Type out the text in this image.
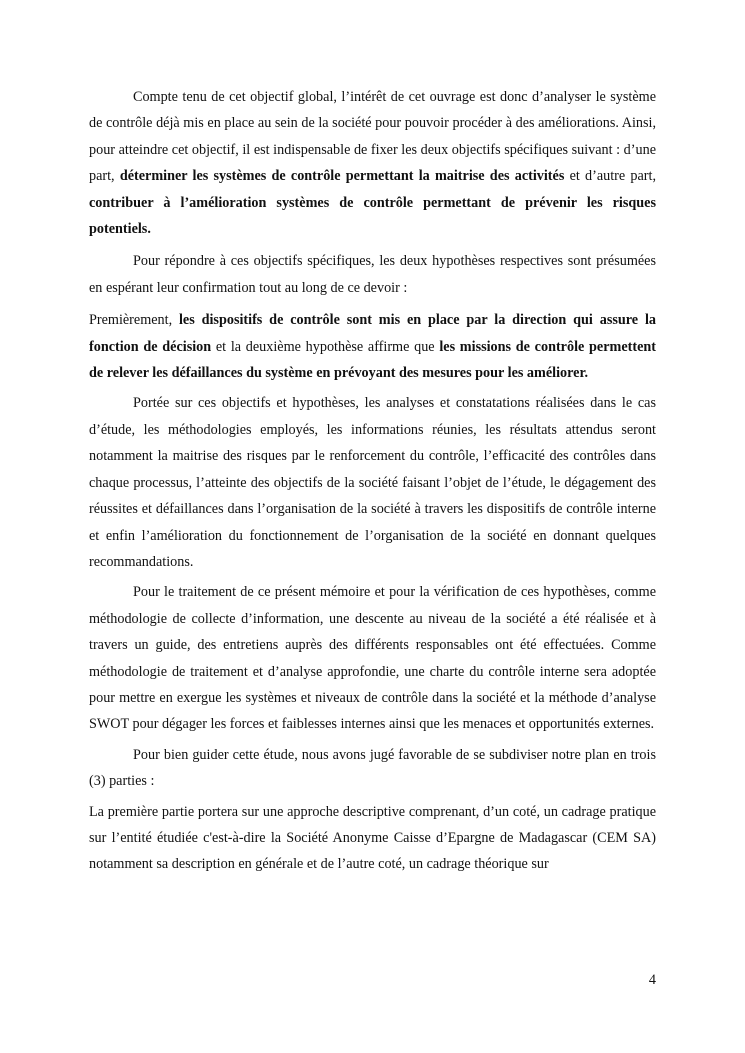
Compte tenu de cet objectif global, l’intérêt de cet ouvrage est donc d’analyser le système de contrôle déjà mis en place au sein de la société pour pouvoir procéder à des améliorations. Ainsi, pour atteindre cet objectif, il est indispensable de fixer les deux objectifs spécifiques suivant : d’une part, déterminer les systèmes de contrôle permettant la maitrise des activités et d’autre part, contribuer à l’amélioration systèmes de contrôle permettant de prévenir les risques potentiels.

Pour répondre à ces objectifs spécifiques, les deux hypothèses respectives sont présumées en espérant leur confirmation tout au long de ce devoir :

Premièrement, les dispositifs de contrôle sont mis en place par la direction qui assure la fonction de décision et la deuxième hypothèse affirme que les missions de contrôle permettent de relever les défaillances du système en prévoyant des mesures pour les améliorer.

Portée sur ces objectifs et hypothèses, les analyses et constatations réalisées dans le cas d’étude, les méthodologies employés, les informations réunies, les résultats attendus seront notamment la maitrise des risques par le renforcement du contrôle, l’efficacité des contrôles dans chaque processus, l’atteinte des objectifs de la société faisant l’objet de l’étude, le dégagement des réussites et défaillances dans l’organisation de la société à travers les dispositifs de contrôle interne et enfin l’amélioration du fonctionnement de l’organisation de la société en donnant quelques recommandations.

Pour le traitement de ce présent mémoire et pour la vérification de ces hypothèses, comme méthodologie de collecte d’information, une descente au niveau de la société a été réalisée et à travers un guide, des entretiens auprès des différents responsables ont été effectuées. Comme méthodologie de traitement et d’analyse approfondie, une charte du contrôle interne sera adoptée pour mettre en exergue les systèmes et niveaux de contrôle dans la société et la méthode d’analyse SWOT pour dégager les forces et faiblesses internes ainsi que les menaces et opportunités externes.

Pour bien guider cette étude, nous avons jugé favorable de se subdiviser notre plan en trois (3) parties :

La première partie portera sur une approche descriptive comprenant, d’un coté, un cadrage pratique sur l’entité étudiée c'est-à-dire la Société Anonyme Caisse d’Epargne de Madagascar (CEM SA) notamment sa description en générale et de l’autre coté, un cadrage théorique sur

4
